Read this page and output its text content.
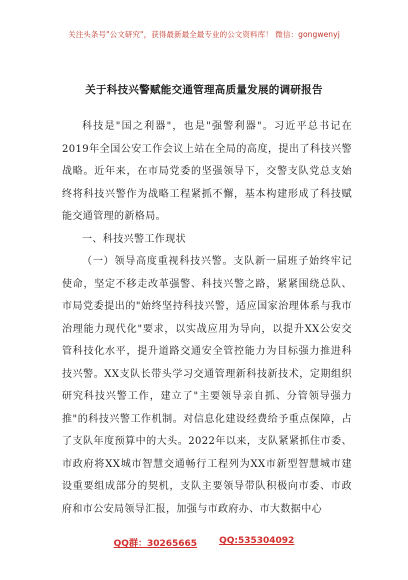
关注头条号"公文研究"，获得最新最全最专业的公文资料库！ 微信：gongwenyj
关于科技兴警赋能交通管理高质量发展的调研报告

科技是"国之利器"，也是"强警利器"。习近平总书记在2019年全国公安工作会议上站在全局的高度，提出了科技兴警战略。近年来，在市局党委的坚强领导下，交警支队党总支始终将科技兴警作为战略工程紧抓不懈，基本构建形成了科技赋能交通管理的新格局。

一、科技兴警工作现状

（一）领导高度重视科技兴警。支队新一届班子始终牢记使命，坚定不移走改革强警、科技兴警之路，紧紧围绕总队、市局党委提出的"始终坚持科技兴警，适应国家治理体系与我市治理能力现代化"要求，以实战应用为导向，以提升XX公安交管科技化水平，提升道路交通安全管控能力为目标强力推进科技兴警。XX支队长带头学习交通管理新科技新技术，定期组织研究科技兴警工作，建立了"主要领导亲自抓、分管领导强力推"的科技兴警工作机制。对信息化建设经费给予重点保障，占了支队年度预算中的大头。2022年以来，支队紧紧抓住市委、市政府将XX城市智慧交通畅行工程列为XX市新型智慧城市建设重要组成部分的契机，支队主要领导带队积极向市委、市政府和市公安局领导汇报，加强与市政府办、市大数据中心

QQ群：30265665 QQ:535304092
